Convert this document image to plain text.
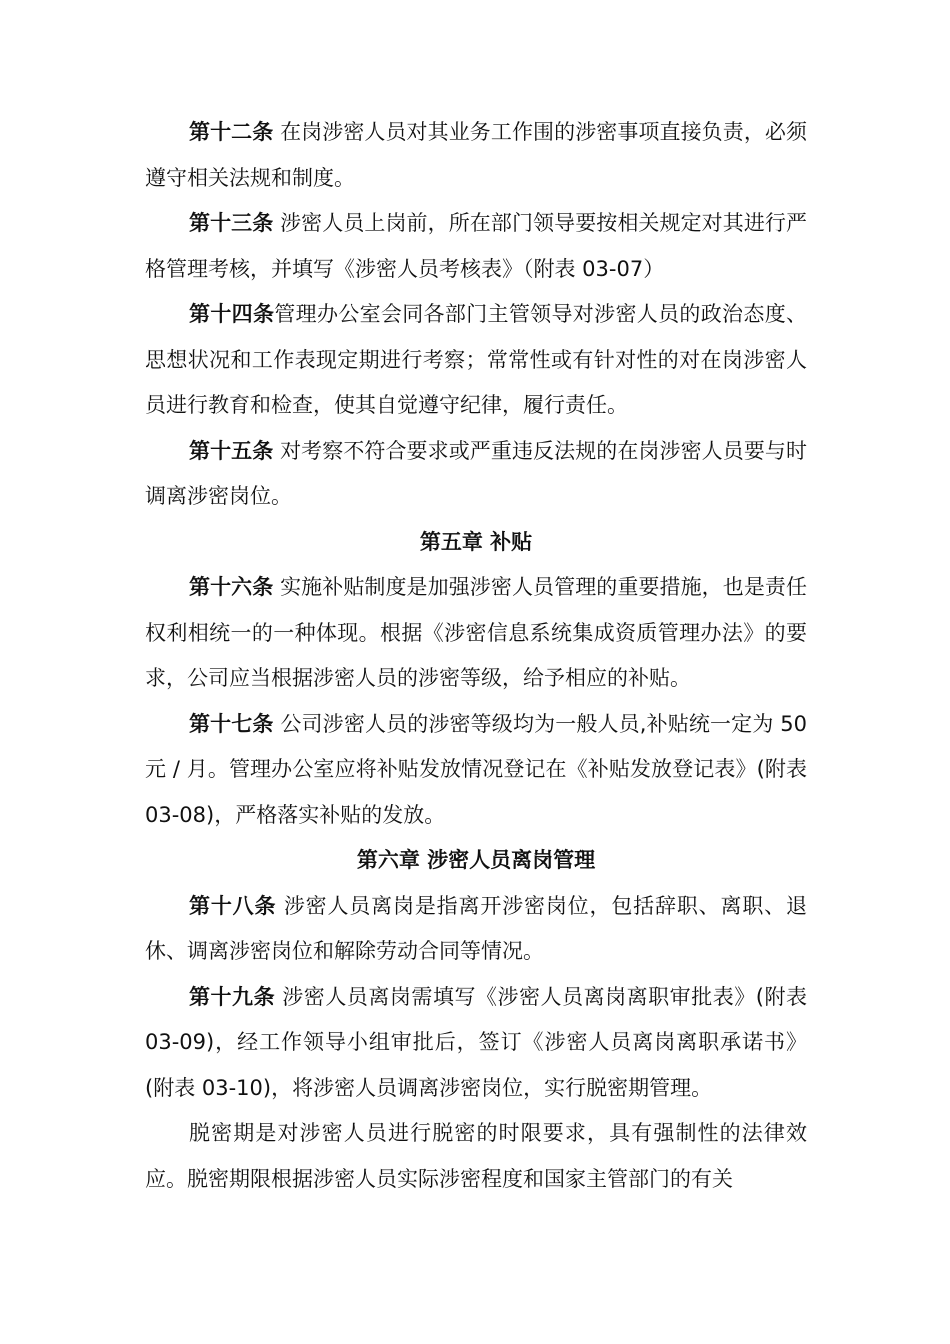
第十二条 在岗涉密人员对其业务工作围的涉密事项直接负责，必须遵守相关法规和制度。

第十三条 涉密人员上岗前，所在部门领导要按相关规定对其进行严格管理考核，并填写《涉密人员考核表》（附表 03-07）

第十四条管理办公室会同各部门主管领导对涉密人员的政治态度、思想状况和工作表现定期进行考察；常常性或有针对性的对在岗涉密人员进行教育和检查，使其自觉遵守纪律，履行责任。

第十五条 对考察不符合要求或严重违反法规的在岗涉密人员要与时调离涉密岗位。

第五章 补贴

第十六条 实施补贴制度是加强涉密人员管理的重要措施，也是责任权利相统一的一种体现。根据《涉密信息系统集成资质管理办法》的要求，公司应当根据涉密人员的涉密等级，给予相应的补贴。

第十七条 公司涉密人员的涉密等级均为一般人员,补贴统一定为 50 元 / 月。管理办公室应将补贴发放情况登记在《补贴发放登记表》(附表 03-08)，严格落实补贴的发放。

第六章 涉密人员离岗管理

第十八条 涉密人员离岗是指离开涉密岗位，包括辞职、离职、退休、调离涉密岗位和解除劳动合同等情况。

第十九条 涉密人员离岗需填写《涉密人员离岗离职审批表》(附表 03-09)，经工作领导小组审批后，签订《涉密人员离岗离职承诺书》(附表 03-10)，将涉密人员调离涉密岗位，实行脱密期管理。

脱密期是对涉密人员进行脱密的时限要求，具有强制性的法律效应。脱密期限根据涉密人员实际涉密程度和国家主管部门的有关
